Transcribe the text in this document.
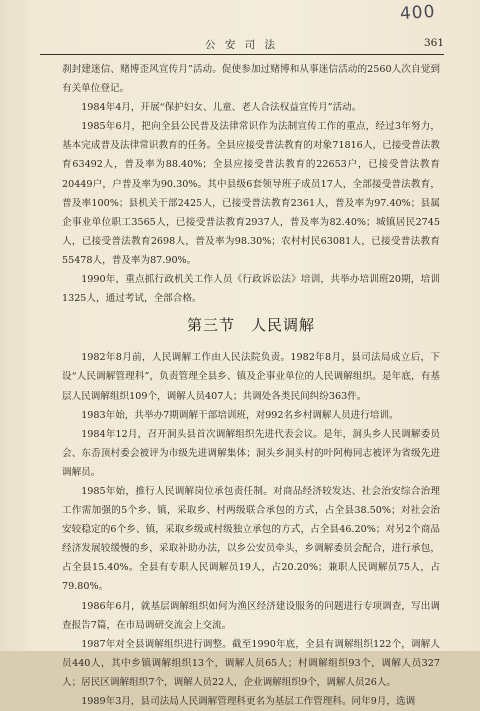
400
公 安 司 法	361

刹封建迷信、赌博歪风宣传月”活动。促使参加过赌博和从事迷信活动的2560人次自觉到有关单位登记。

1984年4月，开展“保护妇女、儿童、老人合法权益宣传月”活动。

1985年6月，把向全县公民普及法律常识作为法制宣传工作的重点，经过3年努力，基本完成普及法律常识教育的任务。全县应接受普法教育的对象71816人，已接受普法教育63492人，普及率为88.40%；全县应接受普法教育的22653户，已接受普法教育20449户，户普及率为90.30%。其中县级6套领导班子成员17人，全部接受普法教育，普及率100%；县机关干部2425人，已接受普法教育2361人，普及率为97.40%；县属企事业单位职工3565人，已接受普法教育2937人，普及率为82.40%；城镇居民2745人，已接受普法教育2698人，普及率为98.30%；农村村民63081人，已接受普法教育55478人，普及率为87.90%。

1990年，重点抓行政机关工作人员《行政诉讼法》培训，共举办培训班20期，培训1325人，通过考试，全部合格。

第三节　人民调解

1982年8月前，人民调解工作由人民法院负责。1982年8月，县司法局成立后，下设“人民调解管理科”，负责管理全县乡、镇及企事业单位的人民调解组织。是年底，有基层人民调解组织109个，调解人员407人；共调处各类民间纠纷363件。

1983年始，共举办7期调解干部培训班，对992名乡村调解人员进行培训。

1984年12月，召开洞头县首次调解组织先进代表会议。是年，洞头乡人民调解委员会、东岙顶村委会被评为市级先进调解集体；洞头乡洞头村的叶阿梅同志被评为省级先进调解员。

1985年始，推行人民调解岗位承包责任制。对商品经济较发达、社会治安综合治理工作需加强的5个乡、镇，采取乡、村两级联合承包的方式，占全县38.50%；对社会治安较稳定的6个乡、镇，采取乡级或村级独立承包的方式，占全县46.20%；对另2个商品经济发展较缓慢的乡，采取补助办法，以乡公安员牵头，乡调解委员会配合，进行承包，占全县15.40%。全县有专职人民调解员19人，占20.20%；兼职人民调解员75人，占79.80%。

1986年6月，就基层调解组织如何为渔区经济建设服务的问题进行专项调查，写出调查报告7篇，在市局调研交流会上交流。

1987年对全县调解组织进行调整。截至1990年底，全县有调解组织122个，调解人员440人，其中乡镇调解组织13个，调解人员65人；村调解组织93个，调解人员327人；居民区调解组织7个，调解人员22人，企业调解组织9个，调解人员26人。

1989年3月，县司法局人民调解管理科更名为基层工作管理科。同年9月，选调
